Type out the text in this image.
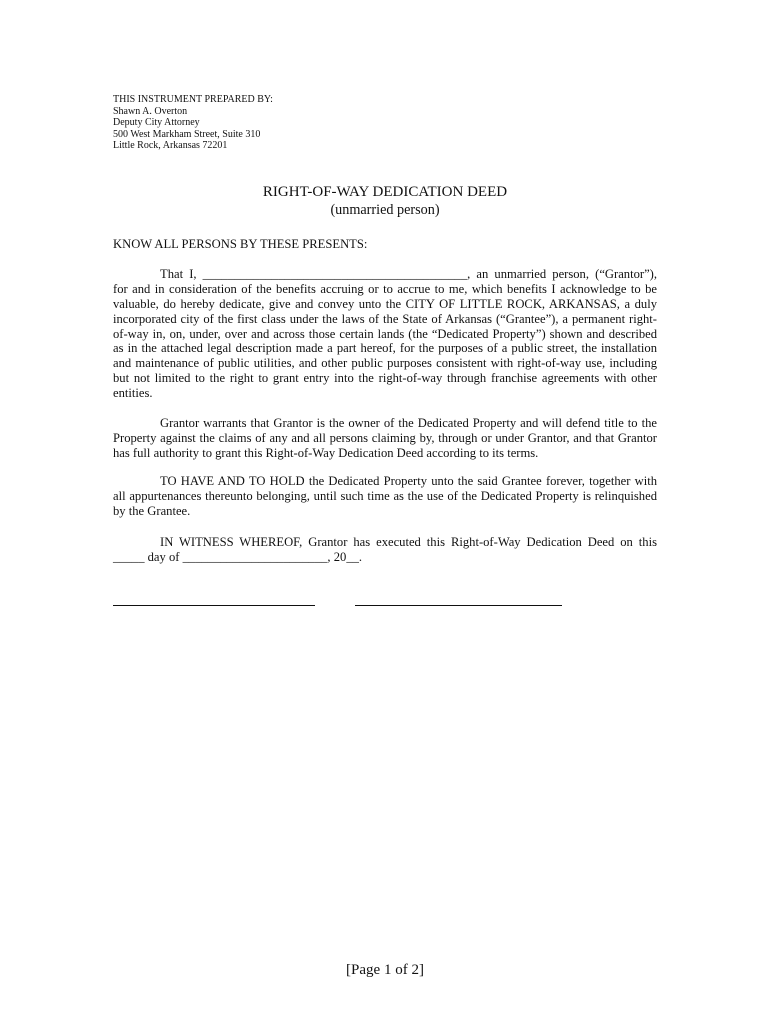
THIS INSTRUMENT PREPARED BY:
Shawn A. Overton
Deputy City Attorney
500 West Markham Street, Suite 310
Little Rock, Arkansas 72201
RIGHT-OF-WAY DEDICATION DEED
(unmarried person)
KNOW ALL PERSONS BY THESE PRESENTS:
That I, __________________________________________, an unmarried person, (“Grantor”),
for and in consideration of the benefits accruing or to accrue to me, which benefits I acknowledge to be
valuable, do hereby dedicate, give and convey unto the CITY OF LITTLE ROCK, ARKANSAS, a duly
incorporated city of the first class under the laws of the State of Arkansas (“Grantee”), a permanent right-
of-way in, on, under, over and across those certain lands (the “Dedicated Property”) shown and described
as in the attached legal description made a part hereof, for the purposes of a public street, the installation
and maintenance of public utilities, and other public purposes consistent with right-of-way use, including
but not limited to the right to grant entry into the right-of-way through franchise agreements with other
entities.
Grantor warrants that Grantor is the owner of the Dedicated Property and will defend title to the
Property against the claims of any and all persons claiming by, through or under Grantor, and that Grantor
has full authority to grant this Right-of-Way Dedication Deed according to its terms.
TO HAVE AND TO HOLD the Dedicated Property unto the said Grantee forever, together with
all appurtenances thereunto belonging, until such time as the use of the Dedicated Property is relinquished
by the Grantee.
IN WITNESS WHEREOF, Grantor has executed this Right-of-Way Dedication Deed on this
_____ day of _______________________, 20__.
[Page 1 of 2]
